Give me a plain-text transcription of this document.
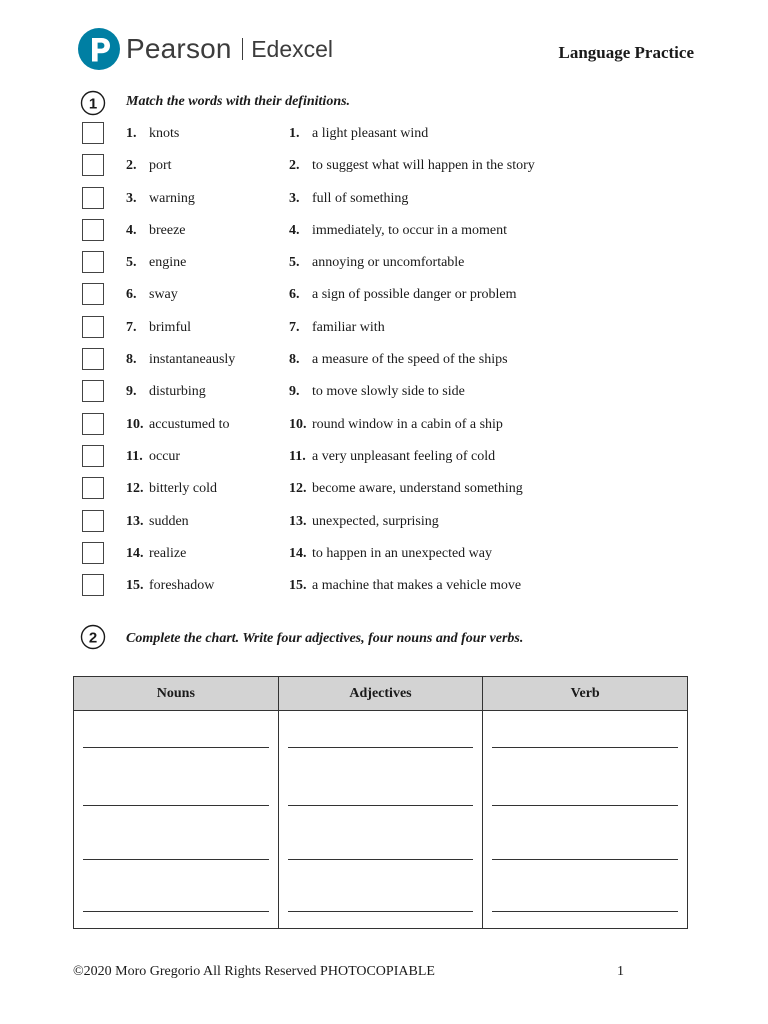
Pearson Edexcel	Language Practice
1 Match the words with their definitions.
1. knots	1. a light pleasant wind
2. port	2. to suggest what will happen in the story
3. warning	3. full of something
4. breeze	4. immediately, to occur in a moment
5. engine	5. annoying or uncomfortable
6. sway	6. a sign of possible danger or problem
7. brimful	7. familiar with
8. instantaneausly	8. a measure of the speed of the ships
9. disturbing	9. to move slowly side to side
10. accustumed to	10. round window in a cabin of a ship
11. occur	11. a very unpleasant feeling of cold
12. bitterly cold	12. become aware, understand something
13. sudden	13. unexpected, surprising
14. realize	14. to happen in an unexpected way
15. foreshadow	15. a machine that makes a vehicle move
2 Complete the chart. Write four adjectives, four nouns and four verbs.
Nouns	Adjectives	Verb
©2020 Moro Gregorio All Rights Reserved PHOTOCOPIABLE	1
